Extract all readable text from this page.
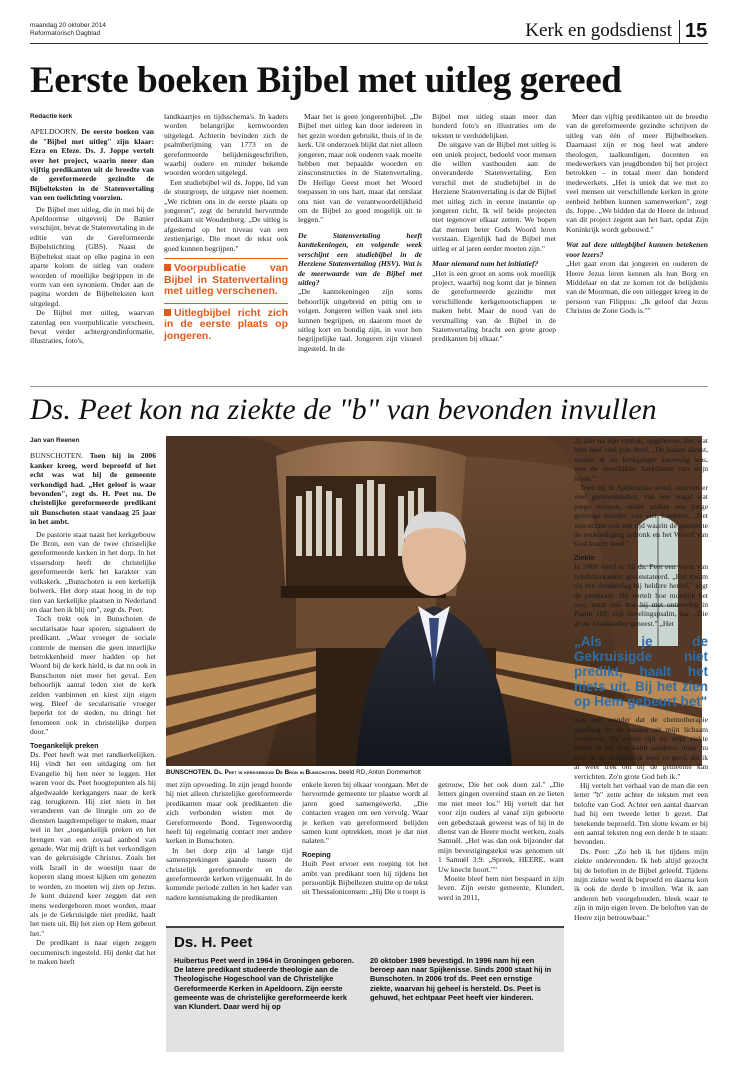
maandag 20 oktober 2014
Reformatorisch Dagblad	Kerk en godsdienst 15
Eerste boeken Bijbel met uitleg gereed
Redactie kerk

APELDOORN. De eerste boeken van de "Bijbel met uitleg" zijn klaar: Ezra en Efeze. Ds. J. Joppe vertelt over het project, waarin meer dan vijftig predikanten uit de breedte van de gereformeerde gezindte de Bijbelteksten in de Statenvertaling van een toelichting voorzien.

De Bijbel met uitleg, die in mei bij de Apeldoornse uitgeverij De Banier verschijnt, bevat de Statenvertaling in de editie van de Gereformeerde Bijbelstichting (GBS). Naast de Bijbeltekst staat op elke pagina in een aparte kolom de uitleg van oudere woorden of moeilijke begrippen in de vorm van een synoniem. Onder aan de pagina worden de Bijbelteksten kort uitgelegd.

De Bijbel met uitleg, waarvan zaterdag een voorpublicatie verscheen, bevat verder achtergrondinformatie, illustraties, foto's,

landkaartjes en tijdsschema's. In kaders worden belangrijke kernwoorden uitgelegd. Achterin bevinden zich de psalmberijming van 1773 en de gereformeerde belijdenisgeschriften, waarbij oudere en minder bekende woorden worden uitgelegd.

Een studiebijbel wil ds. Joppe, lid van de stuurgroep, de uitgave niet noemen. „We richten ons in de eerste plaats op jongeren", zegt de hersteld hervormde predikant uit Woudenberg. „De uitleg is afgestemd op het niveau van een zestienjarige. Die moet de tekst ook goed kunnen begrijpen."

Voorpublicatie van Bijbel in Statenvertaling met uitleg verschenen.
Uitlegbijbel richt zich in de eerste plaats op jongeren.

Maar het is geen jongerenbijbel. „De Bijbel met uitleg kan door iedereen in het gezin worden gebruikt, thuis of in de kerk. Uit onderzoek blijkt dat niet alleen jongeren, maar ook ouderen vaak moeite hebben met bepaalde woorden en zinsconstructies in de Statenvertaling. De Heilige Geest moet het Woord toepassen in ons hart, maar dat ontslaat ons niet van de verantwoordelijkheid om de Bijbel zo goed mogelijk uit te leggen."

De Statenvertaling heeft kanttekeningen, en volgende week verschijnt een studiebijbel in de Herziene Statenvertaling (HSV). Wat is de meerwaarde van de Bijbel met uitleg?

„De kanttekeningen zijn soms behoorlijk uitgebreid en pittig om te volgen. Jongeren willen vaak snel iets kunnen begrijpen, en daarom moet de uitleg kort en bondig zijn, in voor hen begrijpelijke taal. Jongeren zijn visueel ingesteld. In de

Bijbel met uitleg staan meer dan honderd foto's en illustraties om de teksten te verduidelijken.

De uitgave van de Bijbel met uitleg is een uniek project, bedoeld voor mensen die willen vasthouden aan de onveranderde Statenvertaling. Een verschil met de studiebijbel in de Herziene Statenvertaling is dat de Bijbel met uitleg zich in eerste instantie op jongeren richt. Ik wil beide projecten niet tegenover elkaar zetten. We hopen dat mensen beter Gods Woord leren verstaan. Eigenlijk had de Bijbel met uitleg er al jaren eerder moeten zijn."

Maar niemand nam het initiatief?

„Het is een groot en soms ook moeilijk project, waarbij nog komt dat je binnen de gereformeerde gezindte met verschillende kerkgenootschappen te maken hebt. Maar de nood van de versmalling van de Bijbel in de Statenvertaling bracht een grote groep predikanten bij elkaar."

Meer dan vijftig predikanten uit de breedte van de gereformeerde gezindte schrijven de uitleg van één of meer Bijbelboeken. Daarnaast zijn er nog heel wat andere theologen, taalkundigen, docenten en medewerkers van jeugdbonden bij het project betrokken – in totaal meer dan honderd medewerkers. „Het is uniek dat we met zo veel mensen uit verschillende kerken in grote eenheid hebben kunnen samenwerken", zegt ds. Joppe. „We bidden dat de Heere de inhoud van dit project zegent aan het hart, opdat Zijn Koninkrijk wordt gebouwd."

Wat zal deze uitlegbijbel kunnen betekenen voor lezers?

„Het gaat erom dat jongeren en ouderen de Heere Jezus leren kennen als hun Borg en Middelaar en dat ze komen tot de belijdenis van de Moorman, die een uitlegger kreeg in de persoon van Filippus: „Ik geloof dat Jezus Christus de Zone Gods is.""

Ds. Peet kon na ziekte de "b" van bevonden invullen
Jan van Reenen

BUNSCHOTEN. Toen hij in 2006 kanker kreeg, werd beproefd of het echt was wat hij de gemeente verkondigd had. „Het geloof is waar bevonden", zegt ds. H. Peet nu. De christelijke gereformeerde predikant uit Bunschoten staat vandaag 25 jaar in het ambt.

De pastorie staat naast het kerkgebouw De Bron, een van de twee christelijke gereformeerde kerken in het dorp. In het vissersdorp heeft de christelijke gereformeerde kerk het karakter van volkskerk. „Bunschoten is een kerkelijk bolwerk. Het dorp staat hoog in de top tien van kerkelijke plaatsen in Nederland en daar ben ik blij om", zegt ds. Peet.

Toch trekt ook in Bunschoten de secularisatie haar sporen, signaleert de predikant. „Waar vroeger de sociale controle de mensen die geen innerlijke betrokkenheid meer hadden op het Woord bij de kerk hield, is dat nu ook in Bunschoten niet meer het geval. Een behoorlijk aantal leden ziet de kerk zelden vanbinnen en kiest zijn eigen weg. Bleef de secularisatie vroeger beperkt tot de steden, nu dringt het fenomeen ook in christelijke dorpen door."

Toegankelijk preken

Ds. Peet heeft wat met randkerkelijken. Hij vindt het een uitdaging om het Evangelie bij hen neer te leggen. Het waren voor ds. Peet hoogtepunten als hij afgedwaalde kerkgangers naar de kerk zag terugkeren. Hij ziet niets in het veranderen van de liturgie om zo de diensten laagdrempeliger te maken, maar wel in het „toegankelijk preken en het brengen van een zoyaal aanbod van genade. Wat mij drijft is het verkondigen van de gekruisigde Christus. Zoals het volk Israël in de woestijn naar de koperen slang moest kijken om genezen te worden, zo moeten wij zien op Jezus. Je kunt duizend keer zeggen dat een mens wedergeboren moet worden, maar als je de Gekruisigde niet predikt, haalt het niets uit. Bij het zien op Hem gebeurt het."

De predikant is naar eigen zeggen oecumenisch ingesteld. Hij denkt dat het te maken heeft

BUNSCHOTEN. Ds. Peet in kerkgebouw De Bron in Bunschoten. beeld RD, Anton Dommerholt

met zijn opvoeding. In zijn jeugd hoorde hij niet alleen christelijke gereformeerde predikanten maar ook predikanten die zich verbonden wisten met de Gereformeerde Bond. Tegenwoordig heeft hij regelmatig contact met andere kerken in Bunschoten.

In het dorp zijn al lange tijd samensprekingen gaande tussen de christelijk gereformeerde en de gereformeerde kerken vrijgemaakt. In de komende periode zullen in het kader van nadere kennismaking de predikanten

enkele keren bij elkaar voorgaan. Met de hervormde gemeente ter plaatse wordt al jaren goed samengewerkt. „Die contacten vragen om een vervolg. Waar je kerken van gereformeerd belijden samen kunt optrekken, moet je dat niet nalaten."

Roeping

Huib Peet ervoer een roeping tot het ambt van predikant toen hij tijdens het persoonlijk Bijbellezen stuitte op de tekst uit Thessalonicensen: „Hij Die u roept is

getrouw, Die het ook doen zal." „Die letters gingen overeind staan en ze lieten me niet meer los." Hij vertelt dat het voor zijn ouders al vanaf zijn geboorte een gebedszaak geweest was of hij in de dienst van de Heere mocht werken, zoals Samuël. „Het was dan ook bijzonder dat mijn bevestigingstekst was genomen uit 1 Samuël 3:9: „Spreek, HEERE, want Uw knecht hoort.""

Moeite bleef hem niet bespaard in zijn leven. Zijn eerste gemeente, Klundert, werd in 2011,

Ds. H. Peet
Huibertus Peet werd in 1964 in Groningen geboren. De latere predikant studeerde theologie aan de Theologische Hogeschool van de Christelijke Gereformeerde Kerken in Apeldoorn. Zijn eerste gemeente was de christelijke gereformeerde kerk van Klundert. Daar werd hij op
20 oktober 1989 bevestigd. In 1996 nam hij een beroep aan naar Spijkenisse. Sinds 2000 staat hij in Bunschoten. In 2006 trof ds. Peet een ernstige ziekte, waarvan hij geheel is hersteld. Ds. Peet is gehuwd, het echtpaar Peet heeft vier kinderen.

22 jaar na zijn vertrek, opgeheven. Iets wat hem heel veel pijn deed. „De laatste dienst, waarin ik als kerkganger aanwezig was, was de moeilijkste kerkdienst van mijn leven."

Toen hij in Spijkenisse stond, stierven er veel gemeenteleden, van wie nogal wat jonge mensen, onder andere een jonge gelovige moeder van vier kinderen. „Het was echter ook een tijd waarin de gemeente de verkondiging indronk en het Woord van God kracht deed."

Ziekte

In 2006 werd er bij ds. Peet een vorm van lymfklierkanker geconstateerd. „Het kwam als een donderslag bij heldere hemel," zegt de predikant. Hij vertelt hoe moeilijk het was, maar ook hoe hij met ontroering in Psalm 103, zijn lievelingspsalm, las: „Die al uw krankheden geneest." „Het

„Als je de Gekruisigde niet predikt, haalt het niets uit. Bij het zien op Hem gebeurt het"

was een wonder dat de chemotherapie aansloeg en de kanker uit mijn lichaam verdween. De eerste tijd na mijn ziekte moest ik het nog kalm aandoen, maar nu voel ik me lichamelijk weer zo goed, dat ik al weer trek om bij de gemeente kan verrichten. Zo'n grote God heb ik."

Hij vertelt het verhaal van de man die een letter "b" zette achter de teksten met een belofte van God. Achter een aantal daarvan had hij een tweede letter b gezet. Dat betekende beproefd. Ten slotte kwam er bij een aantal teksten nog een derde b te staan: bevonden.

Ds. Peet: „Zo heb ik het tijdens mijn ziekte ondervonden. Ik heb altijd gezocht bij de beloften in de Bijbel geleefd. Tijdens mijn ziekte werd ik beproefd en daarna kon ik ook de derde b invullen. Wat ik aan anderen heb voorgehouden, bleek waar te zijn in mijn eigen leven. De beloften van de Heere zijn betrouwbaar."
